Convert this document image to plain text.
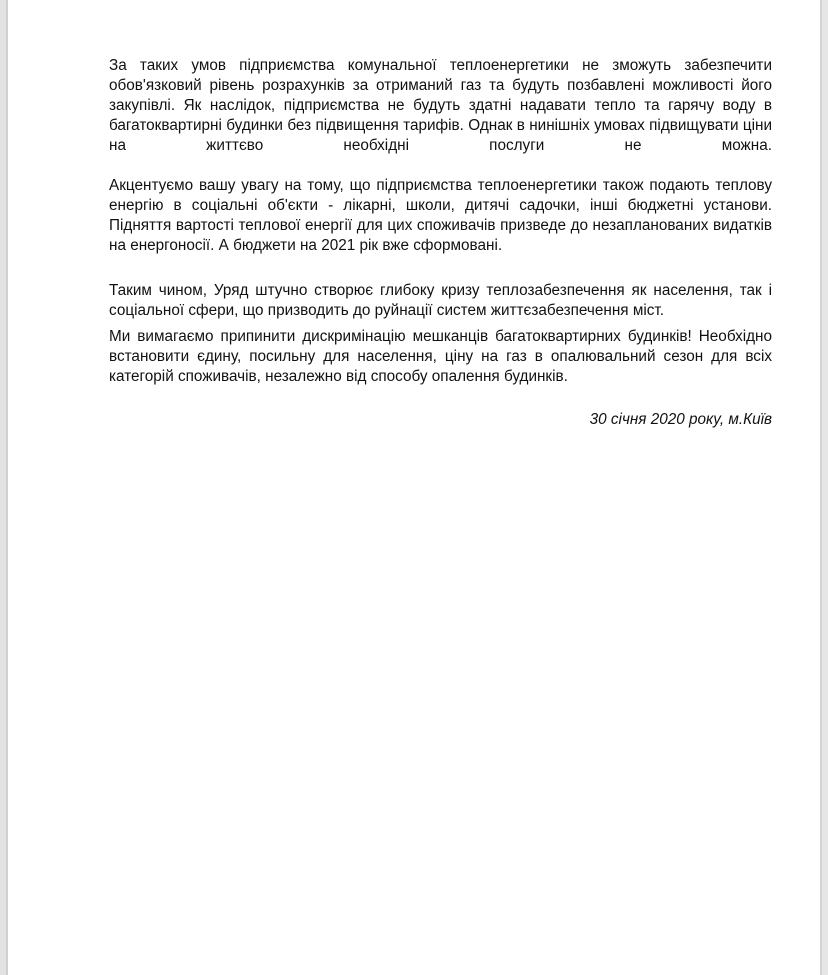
За таких умов підприємства комунальної теплоенергетики не зможуть забезпечити обов'язковий рівень розрахунків за отриманий газ та будуть позбавлені можливості його закупівлі. Як наслідок, підприємства не будуть здатні надавати тепло та гарячу воду в багатоквартирні будинки без підвищення тарифів. Однак в нинішніх умовах підвищувати ціни на життєво необхідні послуги не можна.

Акцентуємо вашу увагу на тому, що підприємства теплоенергетики також подають теплову енергію в соціальні об'єкти - лікарні, школи, дитячі садочки, інші бюджетні установи. Підняття вартості теплової енергії для цих споживачів призведе до незапланованих видатків на енергоносії. А бюджети на 2021 рік вже сформовані.

Таким чином, Уряд штучно створює глибоку кризу теплозабезпечення як населення, так і соціальної сфери, що призводить до руйнації систем життєзабезпечення міст.

Ми вимагаємо припинити дискримінацію мешканців багатоквартирних будинків! Необхідно встановити єдину, посильну для населення, ціну на газ в опалювальний сезон для всіх категорій споживачів, незалежно від способу опалення будинків.

30 січня 2020 року, м.Київ
